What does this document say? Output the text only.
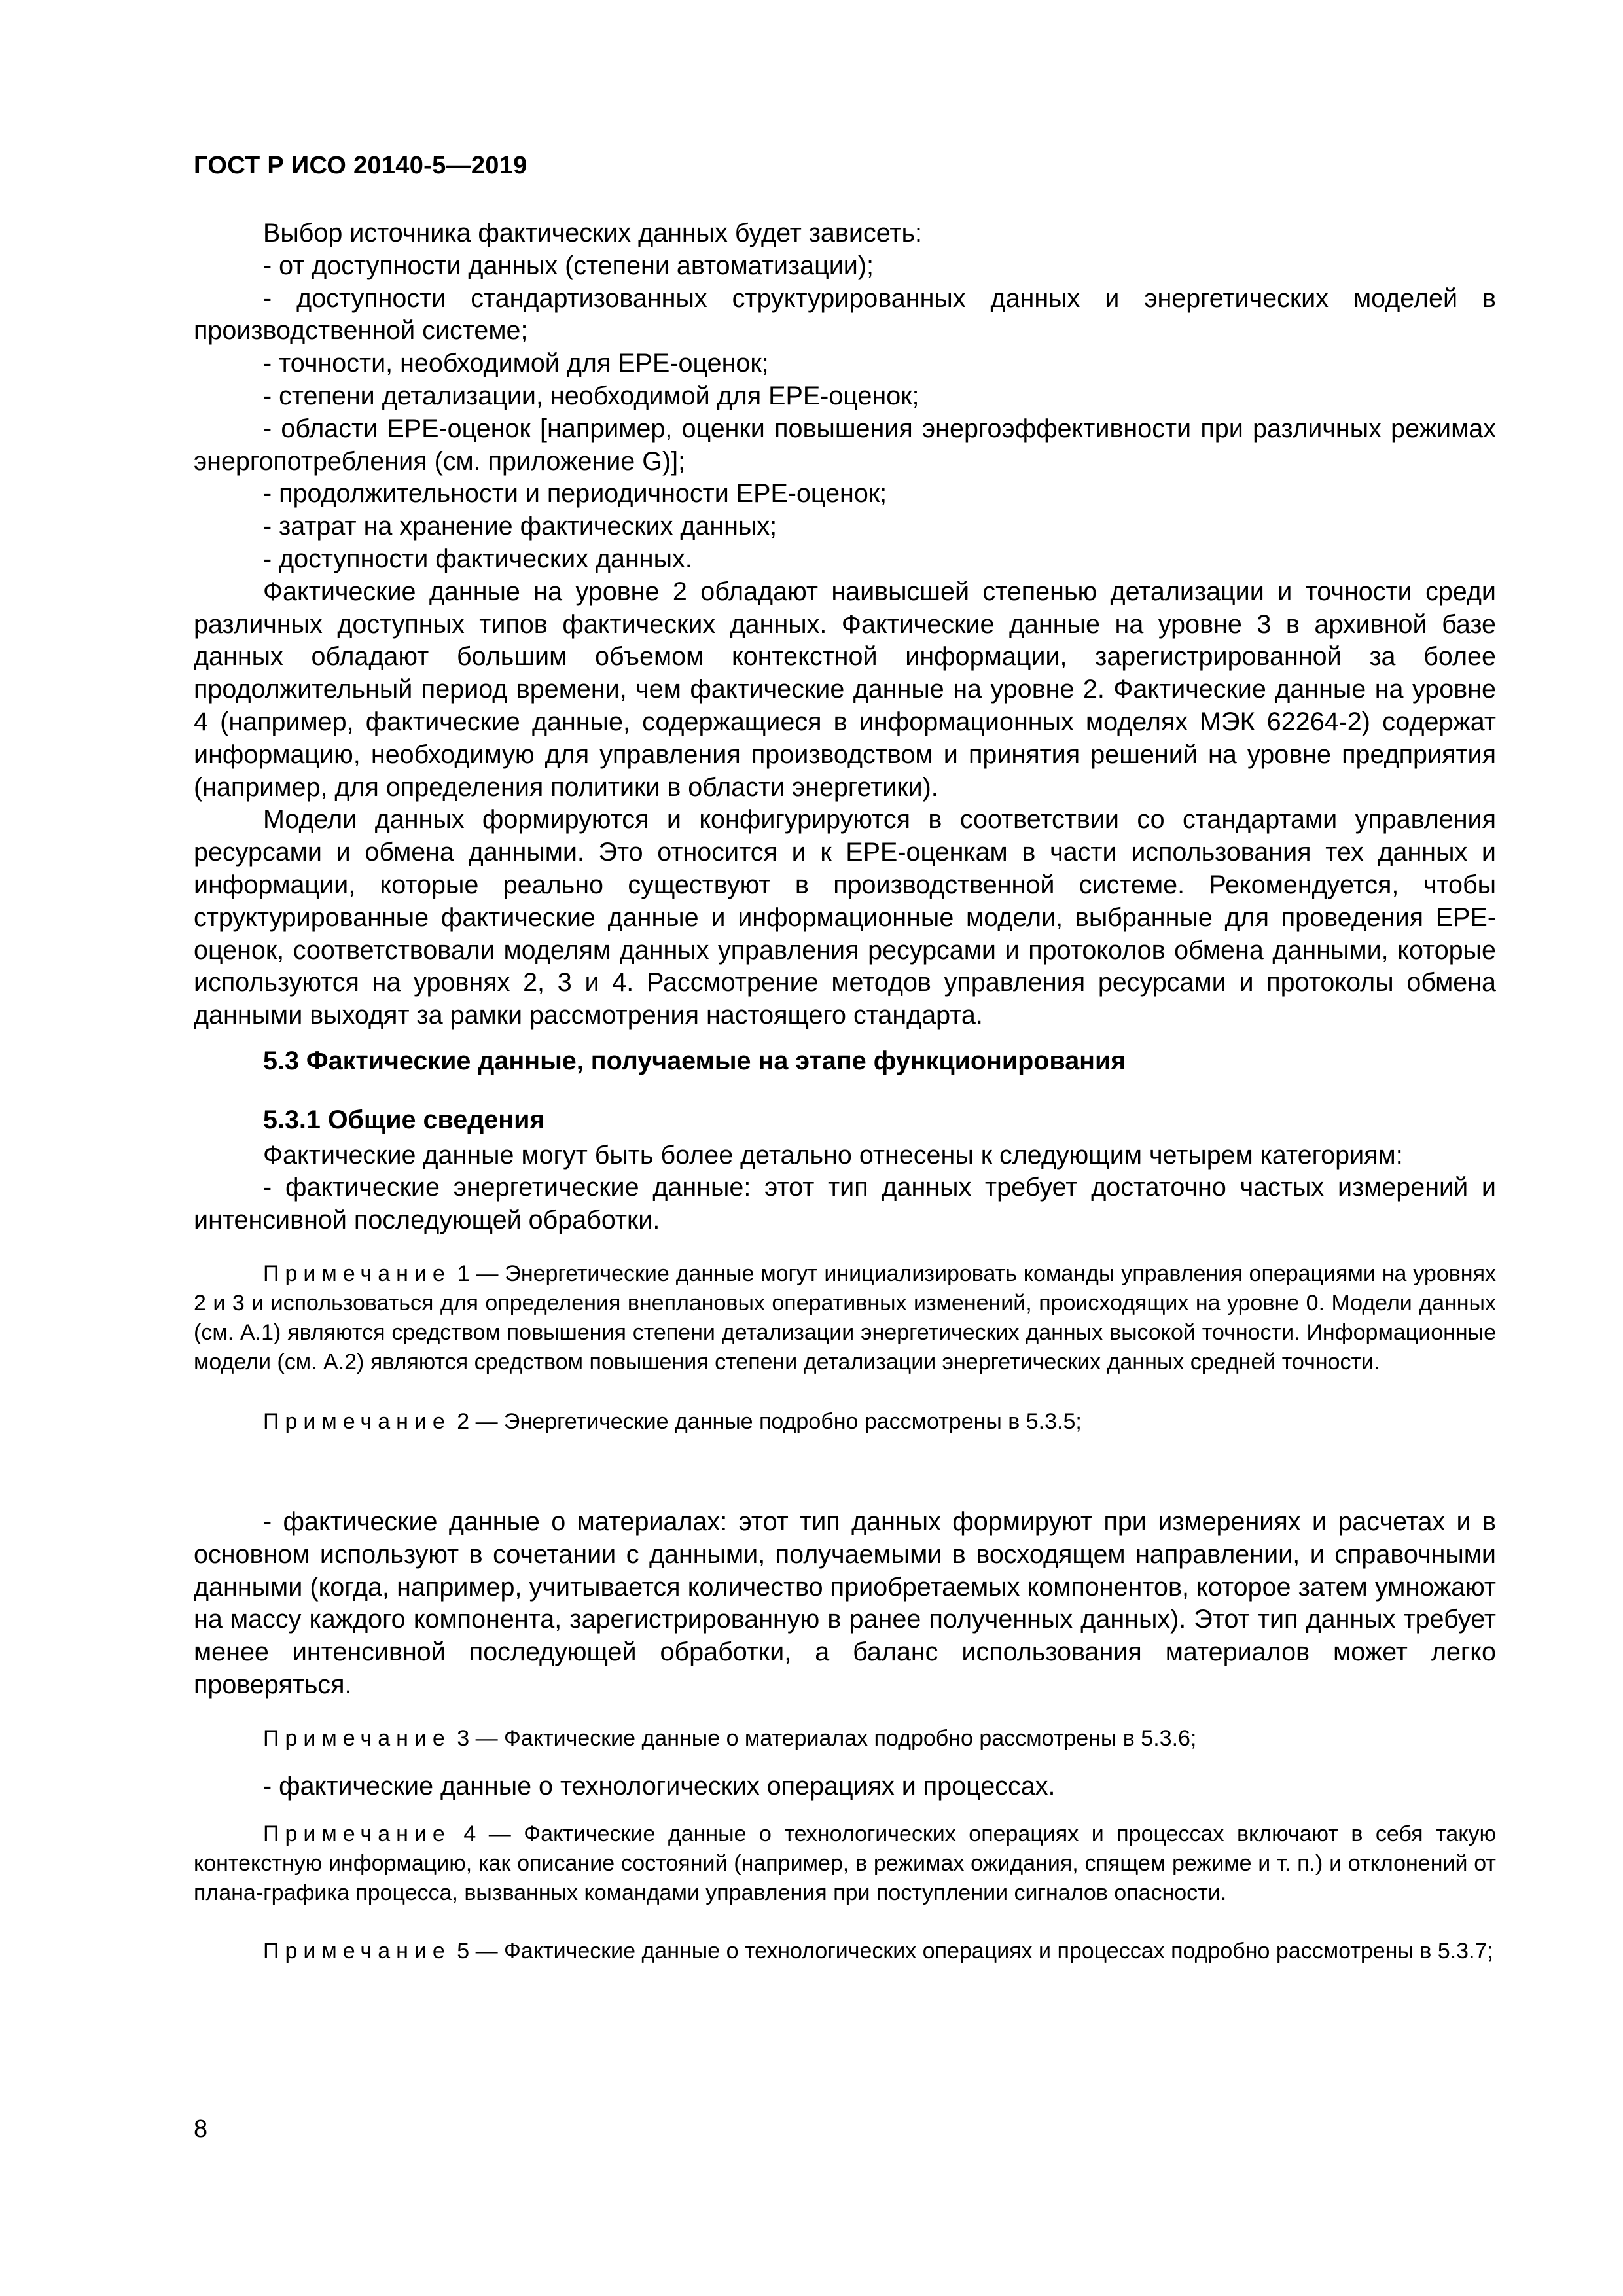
ГОСТ Р ИСО 20140-5—2019

Выбор источника фактических данных будет зависеть:

- от доступности данных (степени автоматизации);

- доступности стандартизованных структурированных данных и энергетических моделей в производственной системе;

- точности, необходимой для EPE-оценок;

- степени детализации, необходимой для EPE-оценок;

- области EPE-оценок [например, оценки повышения энергоэффективности при различных режимах энергопотребления (см. приложение G)];

- продолжительности и периодичности EPE-оценок;

- затрат на хранение фактических данных;

- доступности фактических данных.

Фактические данные на уровне 2 обладают наивысшей степенью детализации и точности среди различных доступных типов фактических данных. Фактические данные на уровне 3 в архивной базе данных обладают большим объемом контекстной информации, зарегистрированной за более продолжительный период времени, чем фактические данные на уровне 2. Фактические данные на уровне 4 (например, фактические данные, содержащиеся в информационных моделях МЭК 62264-2) содержат информацию, необходимую для управления производством и принятия решений на уровне предприятия (например, для определения политики в области энергетики).

Модели данных формируются и конфигурируются в соответствии со стандартами управления ресурсами и обмена данными. Это относится и к EPE-оценкам в части использования тех данных и информации, которые реально существуют в производственной системе. Рекомендуется, чтобы структурированные фактические данные и информационные модели, выбранные для проведения EPE-оценок, соответствовали моделям данных управления ресурсами и протоколов обмена данными, которые используются на уровнях 2, 3 и 4. Рассмотрение методов управления ресурсами и протоколы обмена данными выходят за рамки рассмотрения настоящего стандарта.

5.3 Фактические данные, получаемые на этапе функционирования

5.3.1 Общие сведения

Фактические данные могут быть более детально отнесены к следующим четырем категориям:

- фактические энергетические данные: этот тип данных требует достаточно частых измерений и интенсивной последующей обработки.

Примечание 1 — Энергетические данные могут инициализировать команды управления операциями на уровнях 2 и 3 и использоваться для определения внеплановых оперативных изменений, происходящих на уровне 0. Модели данных (см. А.1) являются средством повышения степени детализации энергетических данных высокой точности. Информационные модели (см. А.2) являются средством повышения степени детализации энергетических данных средней точности.

Примечание 2 — Энергетические данные подробно рассмотрены в 5.3.5;

- фактические данные о материалах: этот тип данных формируют при измерениях и расчетах и в основном используют в сочетании с данными, получаемыми в восходящем направлении, и справочными данными (когда, например, учитывается количество приобретаемых компонентов, которое затем умножают на массу каждого компонента, зарегистрированную в ранее полученных данных). Этот тип данных требует менее интенсивной последующей обработки, а баланс использования материалов может легко проверяться.

Примечание 3 — Фактические данные о материалах подробно рассмотрены в 5.3.6;

- фактические данные о технологических операциях и процессах.

Примечание 4 — Фактические данные о технологических операциях и процессах включают в себя такую контекстную информацию, как описание состояний (например, в режимах ожидания, спящем режиме и т. п.) и отклонений от плана-графика процесса, вызванных командами управления при поступлении сигналов опасности.

Примечание 5 — Фактические данные о технологических операциях и процессах подробно рассмотрены в 5.3.7;

8
